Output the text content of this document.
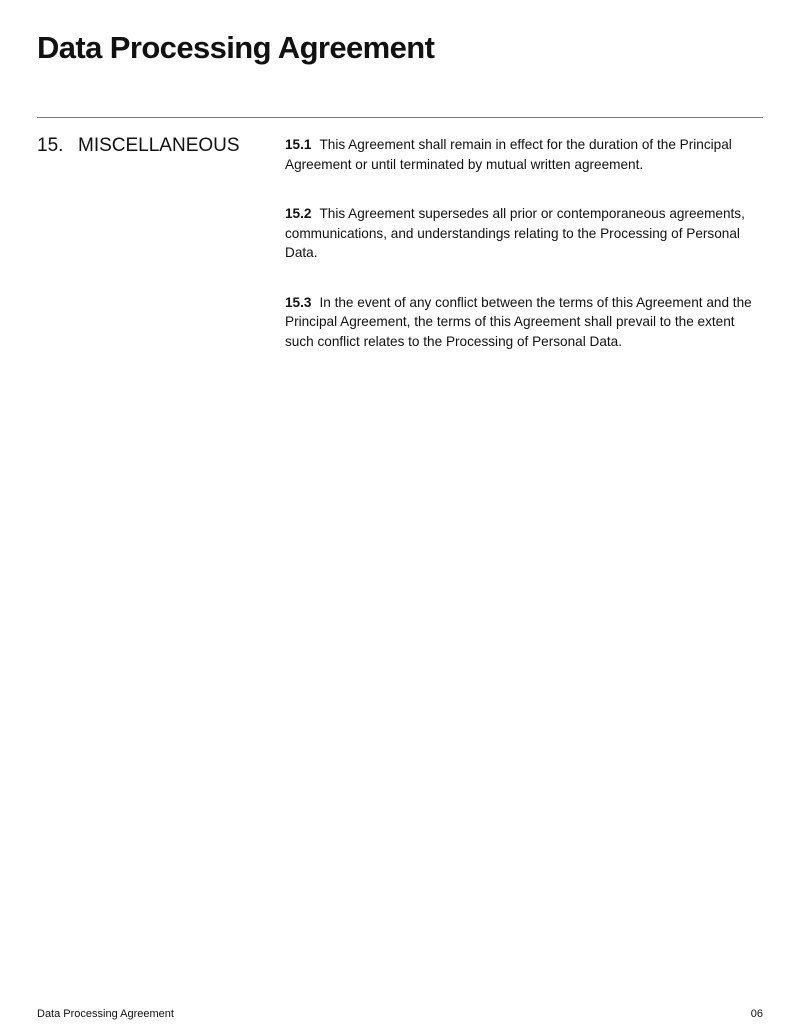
Data Processing Agreement
15. MISCELLANEOUS	15.1 This Agreement shall remain in effect for the duration of the Principal Agreement or until terminated by mutual written agreement.

15.2 This Agreement supersedes all prior or contemporaneous agreements, communications, and understandings relating to the Processing of Personal Data.

15.3 In the event of any conflict between the terms of this Agreement and the Principal Agreement, the terms of this Agreement shall prevail to the extent such conflict relates to the Processing of Personal Data.

Data Processing Agreement	06
